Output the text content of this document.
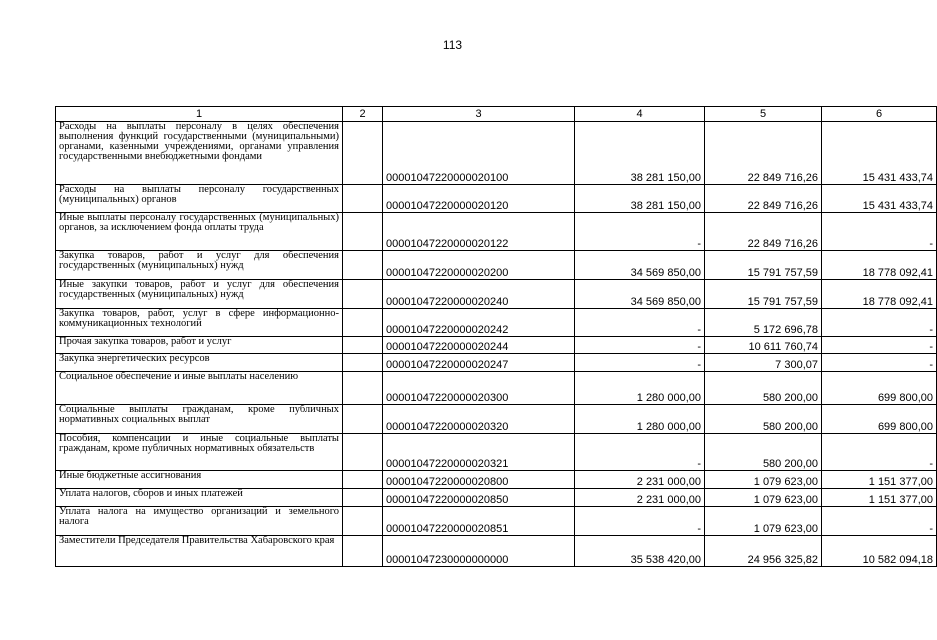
113
1	2	3	4	5	6
Расходы на выплаты персоналу в целях обеспечения выполнения функций государственными (муниципальными) органами, казенными учреждениями, органами управления государственными внебюджетными фондами		00001047220000020100	38 281 150,00	22 849 716,26	15 431 433,74
Расходы на выплаты персоналу государственных (муниципальных) органов		00001047220000020120	38 281 150,00	22 849 716,26	15 431 433,74
Иные выплаты персоналу государственных (муниципальных) органов, за исключением фонда оплаты труда		00001047220000020122	-	22 849 716,26	-
Закупка товаров, работ и услуг для обеспечения государственных (муниципальных) нужд		00001047220000020200	34 569 850,00	15 791 757,59	18 778 092,41
Иные закупки товаров, работ и услуг для обеспечения государственных (муниципальных) нужд		00001047220000020240	34 569 850,00	15 791 757,59	18 778 092,41
Закупка товаров, работ, услуг в сфере информационно-коммуникационных технологий		00001047220000020242	-	5 172 696,78	-
Прочая закупка товаров, работ и услуг		00001047220000020244	-	10 611 760,74	-
Закупка энергетических ресурсов		00001047220000020247	-	7 300,07	-
Социальное обеспечение и иные выплаты населению		00001047220000020300	1 280 000,00	580 200,00	699 800,00
Социальные выплаты гражданам, кроме публичных нормативных социальных выплат		00001047220000020320	1 280 000,00	580 200,00	699 800,00
Пособия, компенсации и иные социальные выплаты гражданам, кроме публичных нормативных обязательств		00001047220000020321	-	580 200,00	-
Иные бюджетные ассигнования		00001047220000020800	2 231 000,00	1 079 623,00	1 151 377,00
Уплата налогов, сборов и иных платежей		00001047220000020850	2 231 000,00	1 079 623,00	1 151 377,00
Уплата налога на имущество организаций и земельного налога		00001047220000020851	-	1 079 623,00	-
Заместители Председателя Правительства Хабаровского края		00001047230000000000	35 538 420,00	24 956 325,82	10 582 094,18
